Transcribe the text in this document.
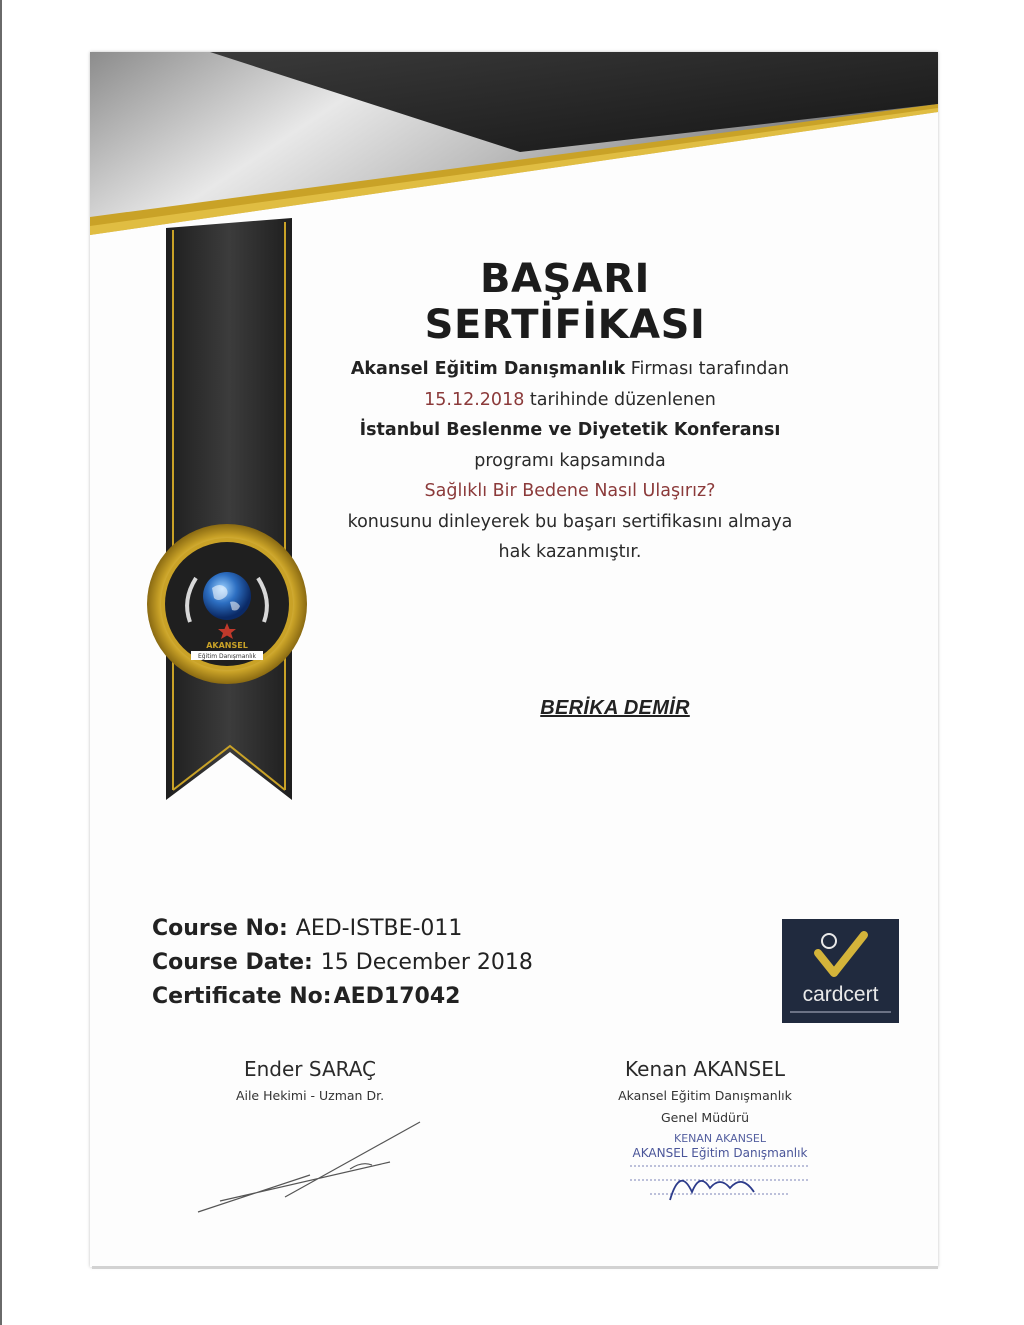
AKANSEL
Eğitim Danışmanlık
BAŞARI SERTİFİKASI
Akansel Eğitim Danışmanlık Firması tarafından
15.12.2018 tarihinde düzenlenen
İstanbul Beslenme ve Diyetetik Konferansı
programı kapsamında
Sağlıklı Bir Bedene Nasıl Ulaşırız?
konusunu dinleyerek bu başarı sertifikasını almaya
hak kazanmıştır.
BERİKA DEMİR
Course No: AED-ISTBE-011
Course Date: 15 December 2018
Certificate No:AED17042	cardcert
Ender SARAÇ
Aile Hekimi - Uzman Dr.
Kenan AKANSEL
Akansel Eğitim Danışmanlık
Genel Müdürü
KENAN AKANSEL
AKANSEL Eğitim Danışmanlık
